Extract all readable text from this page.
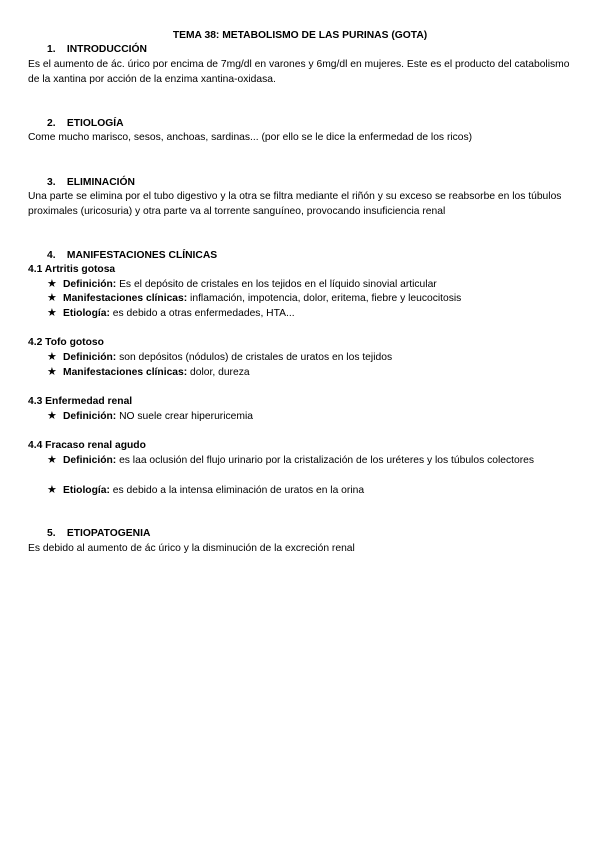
TEMA 38: METABOLISMO DE LAS PURINAS (GOTA)
1. INTRODUCCIÓN
Es el aumento de ác. úrico por encima de 7mg/dl en varones y 6mg/dl en mujeres. Este es el producto del catabolismo de la xantina por acción de la enzima xantina-oxidasa.
2. ETIOLOGÍA
Come mucho marisco, sesos, anchoas, sardinas... (por ello se le dice la enfermedad de los ricos)
3. ELIMINACIÓN
Una parte se elimina por el tubo digestivo y la otra se filtra mediante el riñón y su exceso se reabsorbe en los túbulos proximales (uricosuria) y otra parte va al torrente sanguíneo, provocando insuficiencia renal
4. MANIFESTACIONES CLÍNICAS
4.1 Artritis gotosa
★ Definición: Es el depósito de cristales en los tejidos en el líquido sinovial articular
★ Manifestaciones clínicas: inflamación, impotencia, dolor, eritema, fiebre y leucocitosis
★ Etiología: es debido a otras enfermedades, HTA...
4.2 Tofo gotoso
★ Definición: son depósitos (nódulos) de cristales de uratos en los tejidos
★ Manifestaciones clínicas: dolor, dureza
4.3 Enfermedad renal
★ Definición: NO suele crear hiperuricemia
4.4 Fracaso renal agudo
★ Definición: es laa oclusión del flujo urinario por la cristalización de los uréteres y los túbulos colectores
★ Etiología: es debido a la intensa eliminación de uratos en la orina
5. ETIOPATOGENIA
Es debido al aumento de ác úrico y la disminución de la excreción renal
